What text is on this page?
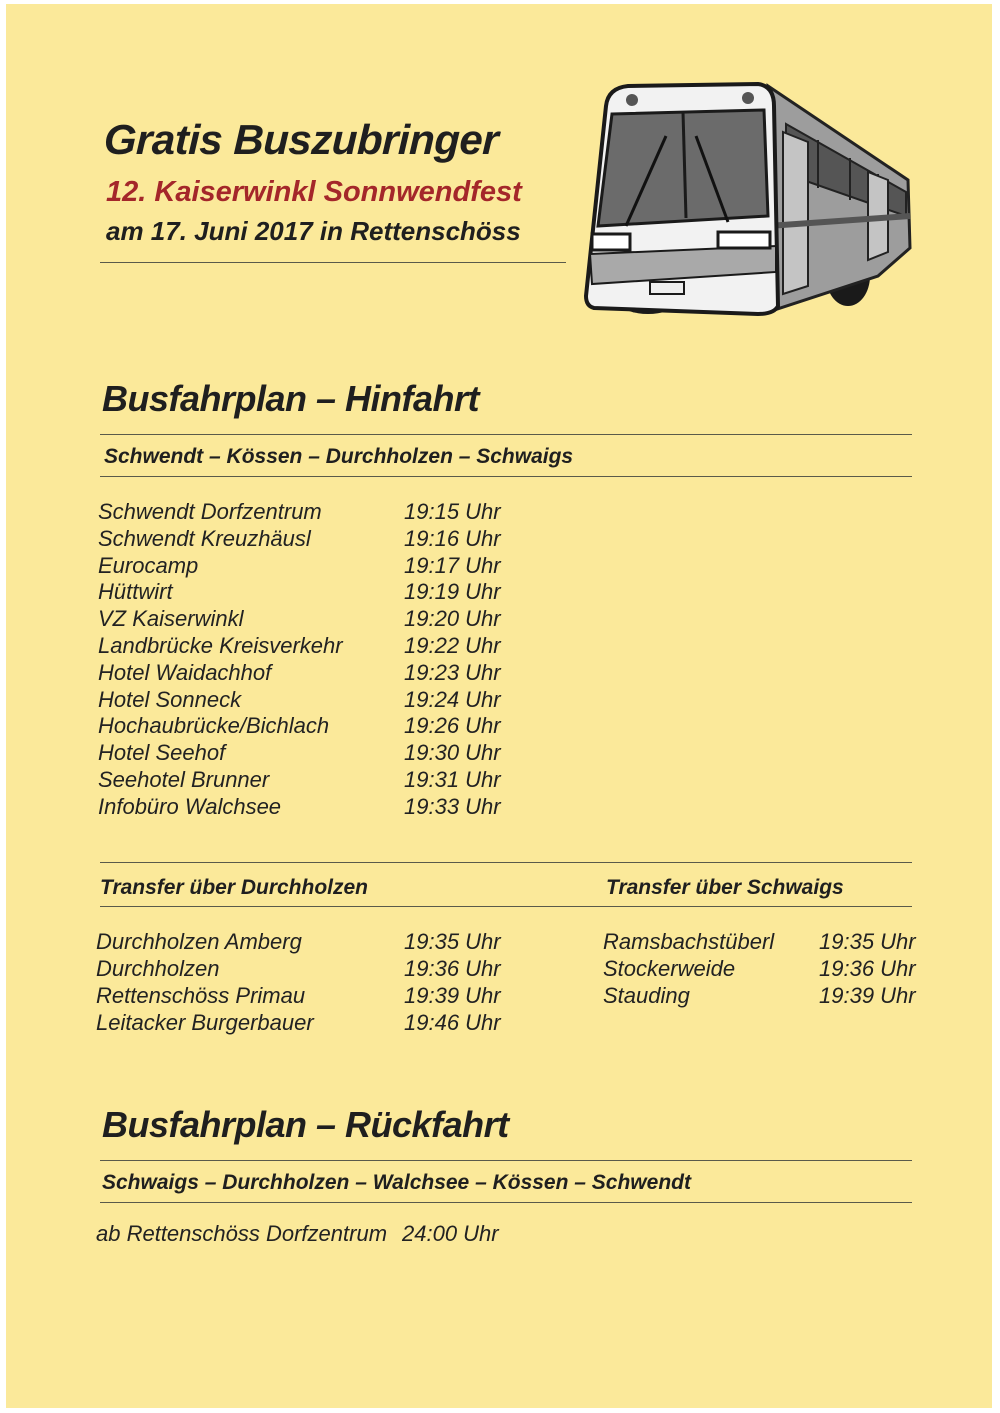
Gratis Buszubringer
12. Kaiserwinkl Sonnwendfest
am 17. Juni 2017 in Rettenschöss
Busfahrplan – Hinfahrt
Schwendt – Kössen – Durchholzen – Schwaigs
Schwendt Dorfzentrum	19:15 Uhr
Schwendt Kreuzhäusl	19:16 Uhr
Eurocamp	19:17 Uhr
Hüttwirt	19:19 Uhr
VZ Kaiserwinkl	19:20 Uhr
Landbrücke Kreisverkehr	19:22 Uhr
Hotel Waidachhof	19:23 Uhr
Hotel Sonneck	19:24 Uhr
Hochaubrücke/Bichlach	19:26 Uhr
Hotel Seehof	19:30 Uhr
Seehotel Brunner	19:31 Uhr
Infobüro Walchsee	19:33 Uhr
Transfer über Durchholzen	Transfer über Schwaigs
Durchholzen Amberg	19:35 Uhr
Durchholzen	19:36 Uhr
Rettenschöss Primau	19:39 Uhr
Leitacker Burgerbauer	19:46 Uhr
Ramsbachstüberl 19:35 Uhr
Stockerweide	19:36 Uhr
Stauding	19:39 Uhr
Busfahrplan – Rückfahrt
Schwaigs – Durchholzen – Walchsee – Kössen – Schwendt
ab Rettenschöss Dorfzentrum 24:00 Uhr
